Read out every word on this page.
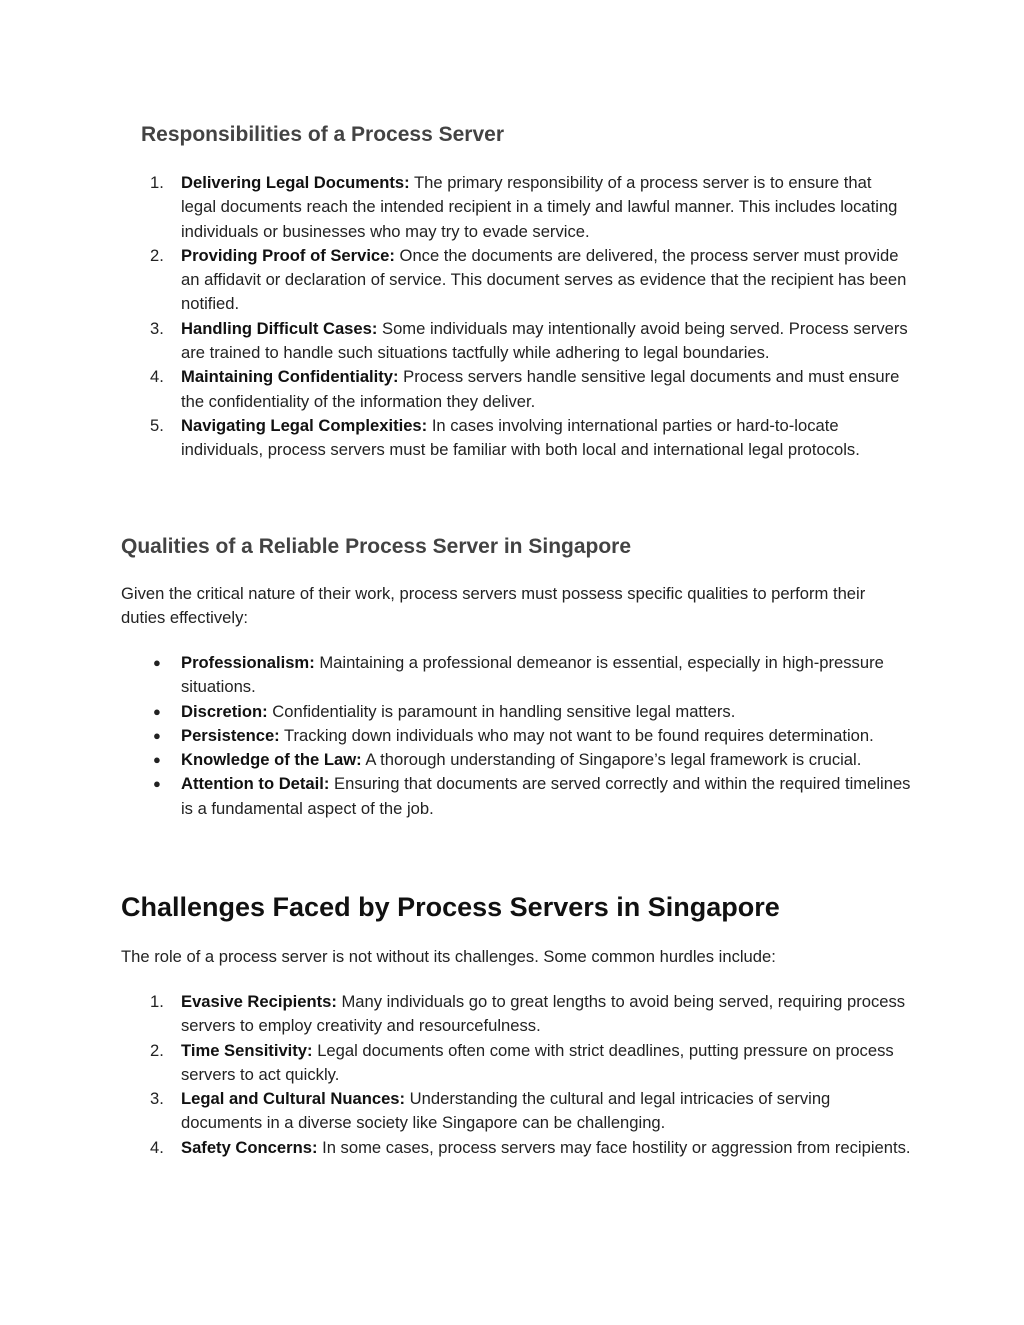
Responsibilities of a Process Server
1.	Delivering Legal Documents: The primary responsibility of a process server is to ensure that legal documents reach the intended recipient in a timely and lawful manner. This includes locating individuals or businesses who may try to evade service.
2.	Providing Proof of Service: Once the documents are delivered, the process server must provide an affidavit or declaration of service. This document serves as evidence that the recipient has been notified.
3.	Handling Difficult Cases: Some individuals may intentionally avoid being served. Process servers are trained to handle such situations tactfully while adhering to legal boundaries.
4.	Maintaining Confidentiality: Process servers handle sensitive legal documents and must ensure the confidentiality of the information they deliver.
5.	Navigating Legal Complexities: In cases involving international parties or hard-to-locate individuals, process servers must be familiar with both local and international legal protocols.
Qualities of a Reliable Process Server in Singapore

Given the critical nature of their work, process servers must possess specific qualities to perform their duties effectively:

●	Professionalism: Maintaining a professional demeanor is essential, especially in high-pressure situations.
●	Discretion: Confidentiality is paramount in handling sensitive legal matters.
●	Persistence: Tracking down individuals who may not want to be found requires determination.
●	Knowledge of the Law: A thorough understanding of Singapore’s legal framework is crucial.
●	Attention to Detail: Ensuring that documents are served correctly and within the required timelines is a fundamental aspect of the job.
Challenges Faced by Process Servers in Singapore

The role of a process server is not without its challenges. Some common hurdles include:

1.	Evasive Recipients: Many individuals go to great lengths to avoid being served, requiring process servers to employ creativity and resourcefulness.
2.	Time Sensitivity: Legal documents often come with strict deadlines, putting pressure on process servers to act quickly.
3.	Legal and Cultural Nuances: Understanding the cultural and legal intricacies of serving documents in a diverse society like Singapore can be challenging.
4.	Safety Concerns: In some cases, process servers may face hostility or aggression from recipients.
